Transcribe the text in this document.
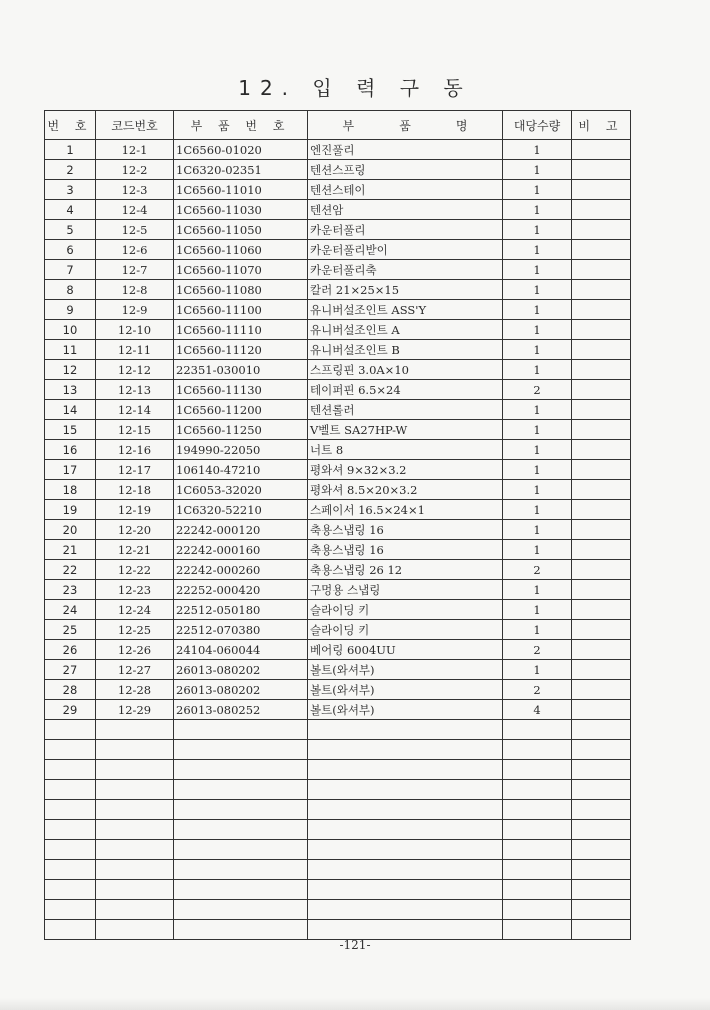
12. 입 력 구 동
번 호	코드번호	부 품 번 호	부 품 명	대당수량	비 고
1	12-1	1C6560-01020	엔진풀리	1	
2	12-2	1C6320-02351	텐션스프링	1	
3	12-3	1C6560-11010	텐션스테이	1	
4	12-4	1C6560-11030	텐션암	1	
5	12-5	1C6560-11050	카운터풀리	1	
6	12-6	1C6560-11060	카운터풀리받이	1	
7	12-7	1C6560-11070	카운터풀리축	1	
8	12-8	1C6560-11080	칼러 21×25×15	1	
9	12-9	1C6560-11100	유니버설조인트 ASS'Y	1	
10	12-10	1C6560-11110	유니버설조인트 A	1	
11	12-11	1C6560-11120	유니버설조인트 B	1	
12	12-12	22351-030010	스프링핀 3.0A×10	1	
13	12-13	1C6560-11130	테이퍼핀 6.5×24	2	
14	12-14	1C6560-11200	텐션롤러	1	
15	12-15	1C6560-11250	V벨트 SA27HP-W	1	
16	12-16	194990-22050	너트 8	1	
17	12-17	106140-47210	평와셔 9×32×3.2	1	
18	12-18	1C6053-32020	평와셔 8.5×20×3.2	1	
19	12-19	1C6320-52210	스페이서 16.5×24×1	1	
20	12-20	22242-000120	축용스냅링 16	1	
21	12-21	22242-000160	축용스냅링 16	1	
22	12-22	22242-000260	축용스냅링 26 12	2	
23	12-23	22252-000420	구멍용 스냅링	1	
24	12-24	22512-050180	슬라이딩 키	1	
25	12-25	22512-070380	슬라이딩 키	1	
26	12-26	24104-060044	베어링 6004UU	2	
27	12-27	26013-080202	볼트(와셔부)	1	
28	12-28	26013-080202	볼트(와셔부)	2	
29	12-29	26013-080252	볼트(와셔부)	4	

-121-
